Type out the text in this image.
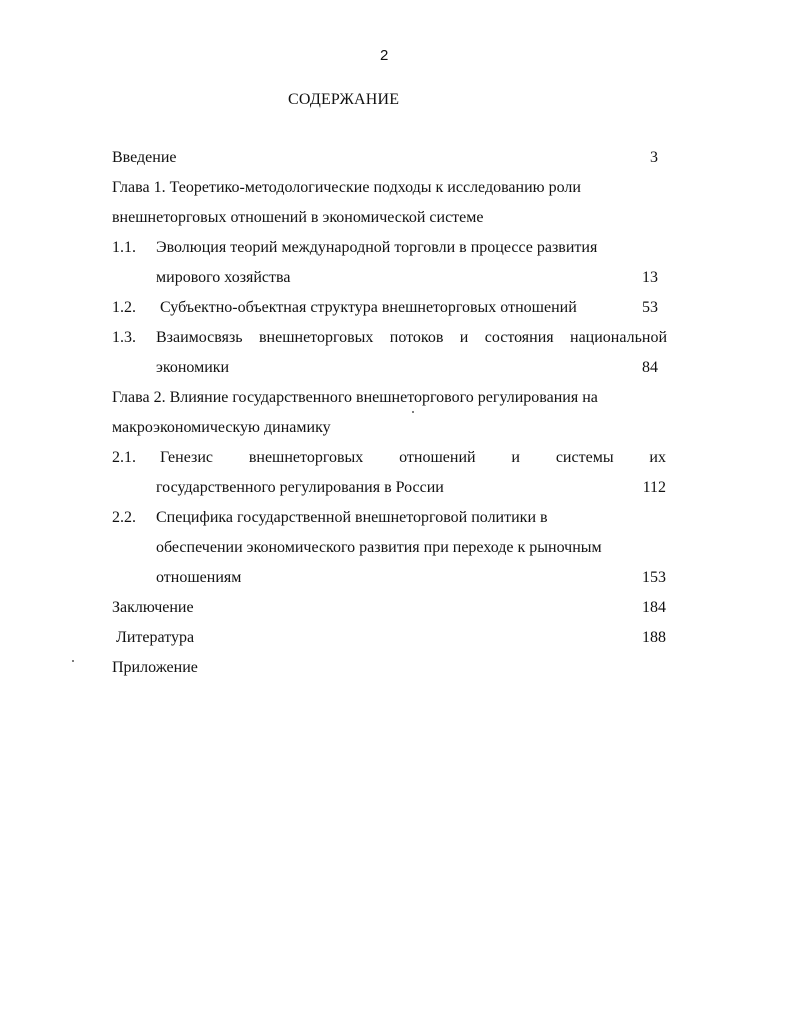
2
СОДЕРЖАНИЕ
Введение	3
Глава 1. Теоретико-методологические подходы к исследованию роли
внешнеторговых отношений в экономической системе
1.1. Эволюция теорий международной торговли в процессе развития
мирового хозяйства	13
1.2. Субъектно-объектная структура внешнеторговых отношений	53
1.3. Взаимосвязь внешнеторговых потоков и состояния национальной
экономики	84
Глава 2. Влияние государственного внешнеторгового регулирования на
макроэкономическую динамику
2.1. Генезис внешнеторговых отношений и системы их
государственного регулирования в России	112
2.2. Специфика государственной внешнеторговой политики в
обеспечении экономического развития при переходе к рыночным
отношениям	153
Заключение	184
Литература	188
Приложение
